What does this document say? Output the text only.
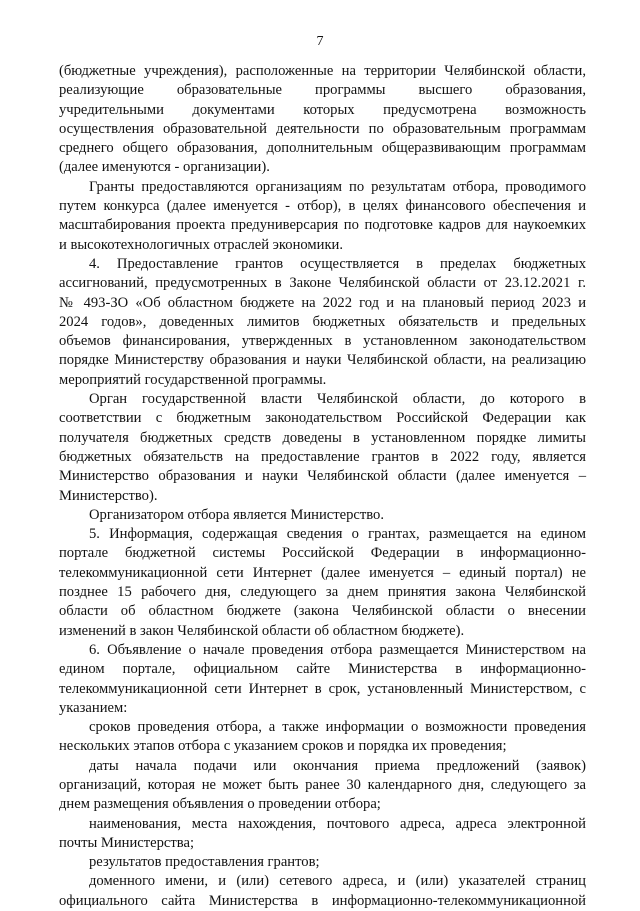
7
(бюджетные учреждения), расположенные на территории Челябинской области,
реализующие образовательные программы высшего образования,
учредительными документами которых предусмотрена возможность
осуществления образовательной деятельности по образовательным программам
среднего общего образования, дополнительным общеразвивающим программам
(далее именуются - организации).
Гранты предоставляются организациям по результатам отбора, проводимого
путем конкурса (далее именуется - отбор), в целях финансового обеспечения и
масштабирования проекта предуниверсария по подготовке кадров для наукоемких
и высокотехнологичных отраслей экономики.
4. Предоставление грантов осуществляется в пределах бюджетных
ассигнований, предусмотренных в Законе Челябинской области от 23.12.2021 г.
№ 493-ЗО «Об областном бюджете на 2022 год и на плановый период 2023 и
2024 годов», доведенных лимитов бюджетных обязательств и предельных
объемов финансирования, утвержденных в установленном законодательством
порядке Министерству образования и науки Челябинской области, на реализацию
мероприятий государственной программы.
Орган государственной власти Челябинской области, до которого в
соответствии с бюджетным законодательством Российской Федерации как
получателя бюджетных средств доведены в установленном порядке лимиты
бюджетных обязательств на предоставление грантов в 2022 году, является
Министерство образования и науки Челябинской области (далее именуется –
Министерство).
Организатором отбора является Министерство.
5. Информация, содержащая сведения о грантах, размещается на едином
портале бюджетной системы Российской Федерации в информационно-
телекоммуникационной сети Интернет (далее именуется – единый портал) не
позднее 15 рабочего дня, следующего за днем принятия закона Челябинской
области об областном бюджете (закона Челябинской области о внесении
изменений в закон Челябинской области об областном бюджете).
6. Объявление о начале проведения отбора размещается Министерством на
едином портале, официальном сайте Министерства в информационно-
телекоммуникационной сети Интернет в срок, установленный Министерством, с
указанием:
сроков проведения отбора, а также информации о возможности проведения
нескольких этапов отбора с указанием сроков и порядка их проведения;
даты начала подачи или окончания приема предложений (заявок)
организаций, которая не может быть ранее 30 календарного дня, следующего за
днем размещения объявления о проведении отбора;
наименования, места нахождения, почтового адреса, адреса электронной
почты Министерства;
результатов предоставления грантов;
доменного имени, и (или) сетевого адреса, и (или) указателей страниц
официального сайта Министерства в информационно-телекоммуникационной
